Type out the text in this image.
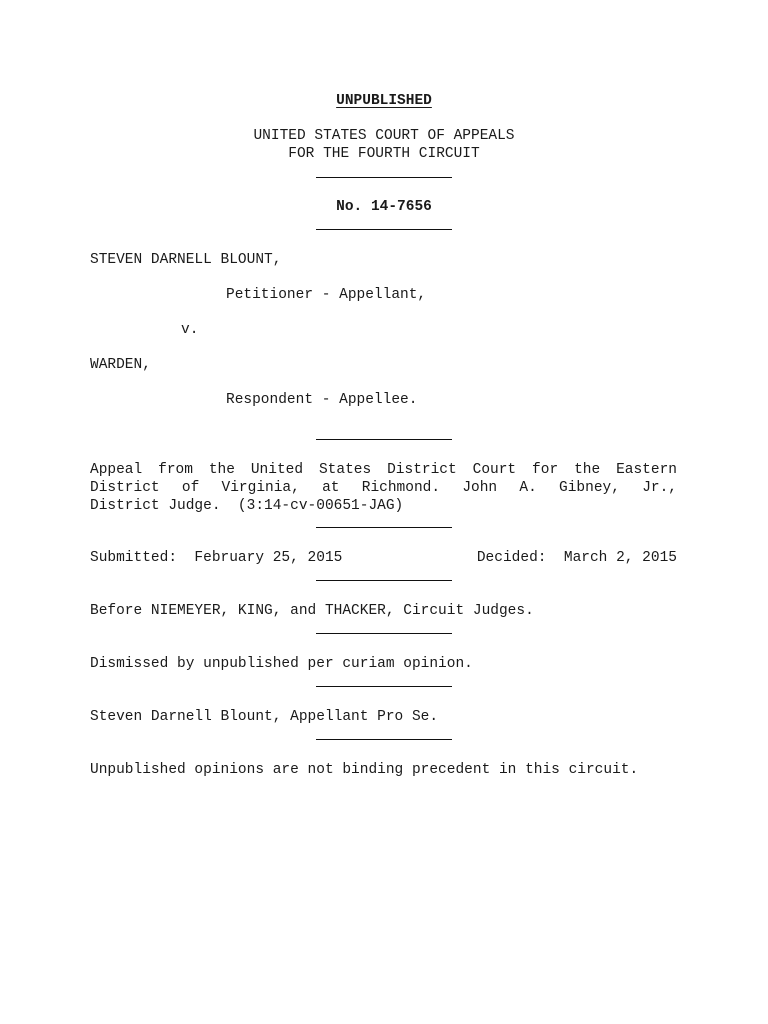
UNPUBLISHED
UNITED STATES COURT OF APPEALS
FOR THE FOURTH CIRCUIT
No. 14-7656
STEVEN DARNELL BLOUNT,
Petitioner - Appellant,
v.
WARDEN,
Respondent - Appellee.
Appeal from the United States District Court for the Eastern
District of Virginia, at Richmond. John A. Gibney, Jr.,
District Judge.  (3:14-cv-00651-JAG)
Submitted:  February 25, 2015	Decided:  March 2, 2015
Before NIEMEYER, KING, and THACKER, Circuit Judges.
Dismissed by unpublished per curiam opinion.
Steven Darnell Blount, Appellant Pro Se.
Unpublished opinions are not binding precedent in this circuit.
